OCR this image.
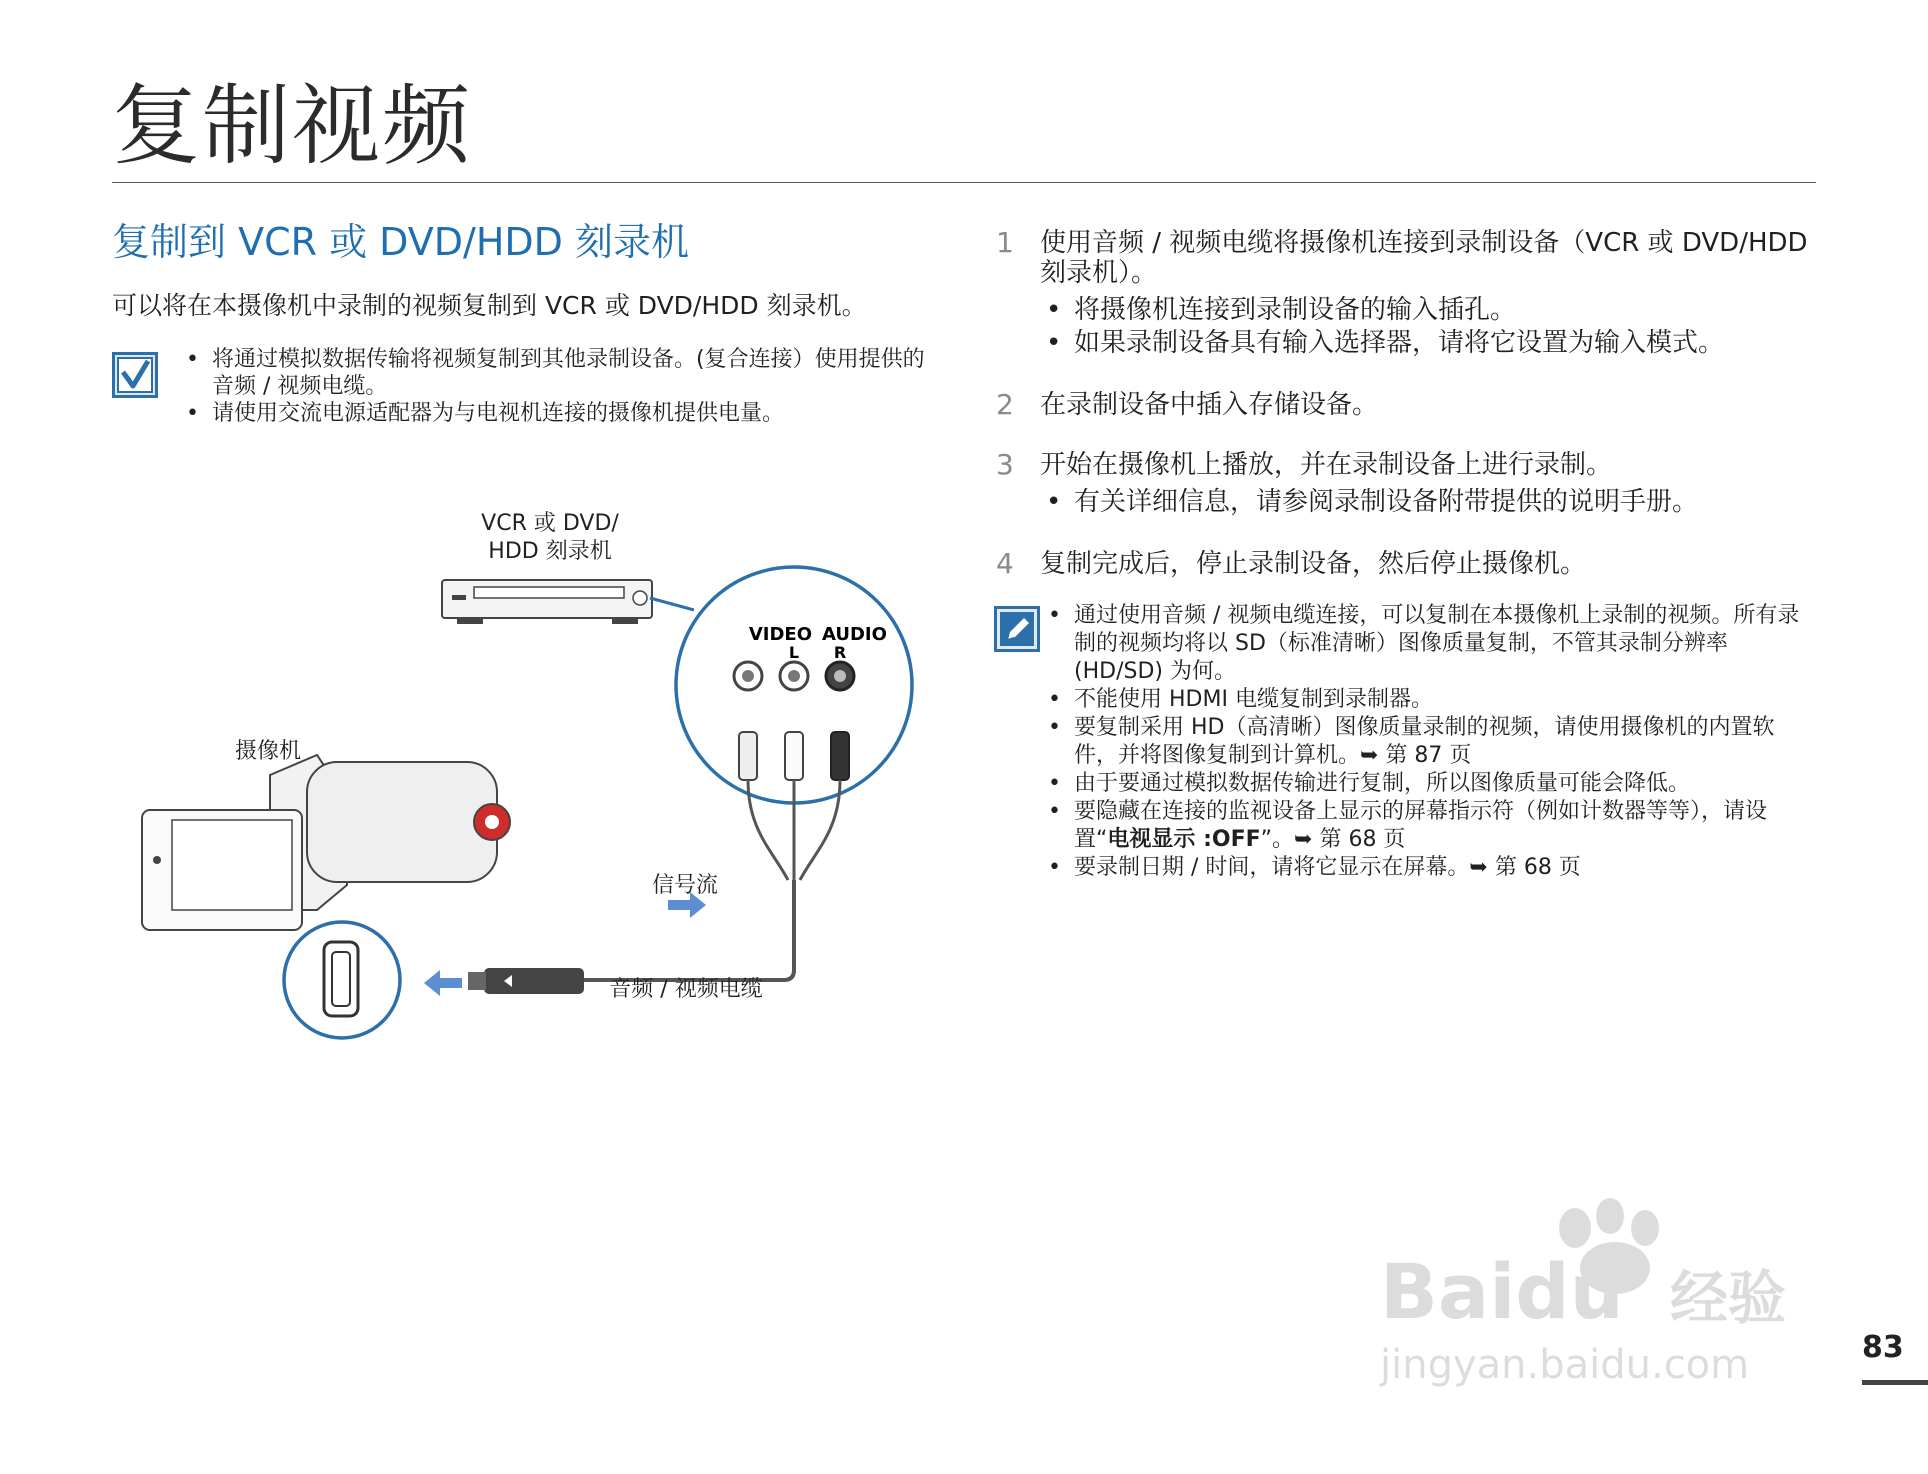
复制视频
复制到 VCR 或 DVD/HDD 刻录机
可以将在本摄像机中录制的视频复制到 VCR 或 DVD/HDD 刻录机。
• 将通过模拟数据传输将视频复制到其他录制设备。(复合连接）使用提供的音频 / 视频电缆。
• 请使用交流电源适配器为与电视机连接的摄像机提供电量。
VIDEO AUDIO
L R
VCR 或 DVD/
HDD 刻录机
摄像机
信号流
音频 / 视频电缆
1 使用音频 / 视频电缆将摄像机连接到录制设备（VCR 或 DVD/HDD 刻录机）。
• 将摄像机连接到录制设备的输入插孔。
• 如果录制设备具有输入选择器，请将它设置为输入模式。
2 在录制设备中插入存储设备。
3 开始在摄像机上播放，并在录制设备上进行录制。
• 有关详细信息，请参阅录制设备附带提供的说明手册。
4 复制完成后，停止录制设备，然后停止摄像机。
• 通过使用音频 / 视频电缆连接，可以复制在本摄像机上录制的视频。所有录制的视频均将以 SD（标准清晰）图像质量复制，不管其录制分辨率 (HD/SD) 为何。
• 不能使用 HDMI 电缆复制到录制器。
• 要复制采用 HD（高清晰）图像质量录制的视频，请使用摄像机的内置软件，并将图像复制到计算机。➥ 第 87 页
• 由于要通过模拟数据传输进行复制，所以图像质量可能会降低。
• 要隐藏在连接的监视设备上显示的屏幕指示符（例如计数器等等），请设置“电视显示 :OFF”。➥ 第 68 页
• 要录制日期 / 时间，请将它显示在屏幕。➥ 第 68 页
Baidu 经验
jingyan.baidu.com	83
